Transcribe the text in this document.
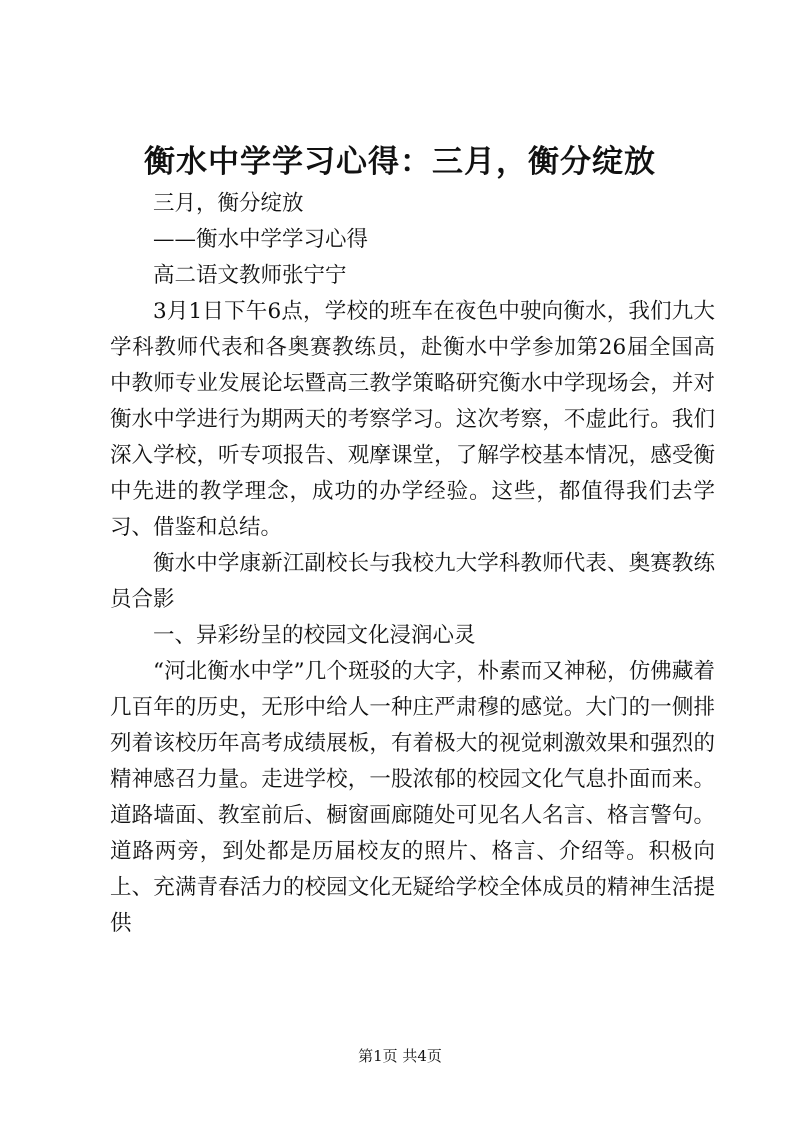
衡水中学学习心得：三月，衡分绽放

三月，衡分绽放

——衡水中学学习心得

高二语文教师张宁宁

3月1日下午6点，学校的班车在夜色中驶向衡水，我们九大学科教师代表和各奥赛教练员，赴衡水中学参加第26届全国高中教师专业发展论坛暨高三教学策略研究衡水中学现场会，并对衡水中学进行为期两天的考察学习。这次考察，不虚此行。我们深入学校，听专项报告、观摩课堂，了解学校基本情况，感受衡中先进的教学理念，成功的办学经验。这些，都值得我们去学习、借鉴和总结。

衡水中学康新江副校长与我校九大学科教师代表、奥赛教练员合影

一、异彩纷呈的校园文化浸润心灵

“河北衡水中学”几个斑驳的大字，朴素而又神秘，仿佛藏着几百年的历史，无形中给人一种庄严肃穆的感觉。大门的一侧排列着该校历年高考成绩展板，有着极大的视觉刺激效果和强烈的精神感召力量。走进学校，一股浓郁的校园文化气息扑面而来。道路墙面、教室前后、橱窗画廊随处可见名人名言、格言警句。道路两旁，到处都是历届校友的照片、格言、介绍等。积极向上、充满青春活力的校园文化无疑给学校全体成员的精神生活提供

第1页 共4页
